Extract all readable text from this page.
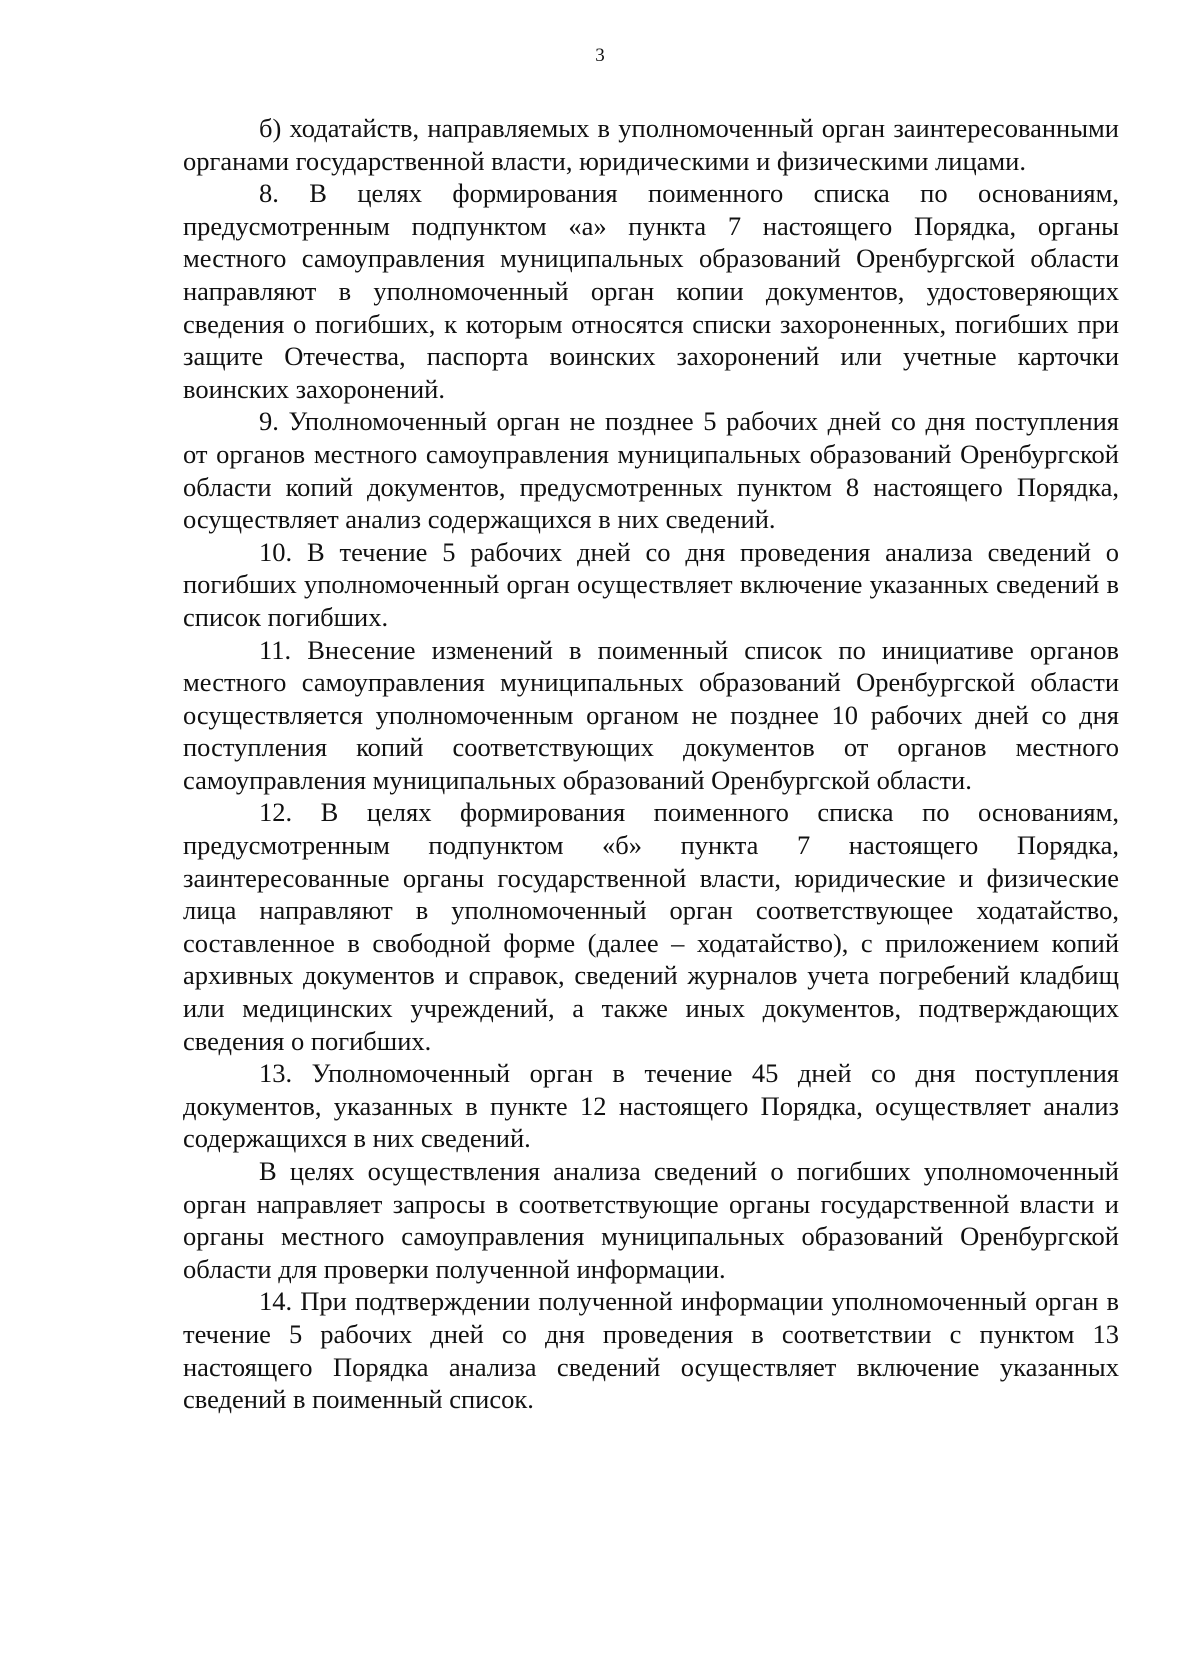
3

б) ходатайств, направляемых в уполномоченный орган заинтересованными органами государственной власти, юридическими и физическими лицами.

8. В целях формирования поименного списка по основаниям, предусмотренным подпунктом «а» пункта 7 настоящего Порядка, органы местного самоуправления муниципальных образований Оренбургской области направляют в уполномоченный орган копии документов, удостоверяющих сведения о погибших, к которым относятся списки захороненных, погибших при защите Отечества, паспорта воинских захоронений или учетные карточки воинских захоронений.

9. Уполномоченный орган не позднее 5 рабочих дней со дня поступления от органов местного самоуправления муниципальных образований Оренбургской области копий документов, предусмотренных пунктом 8 настоящего Порядка, осуществляет анализ содержащихся в них сведений.

10. В течение 5 рабочих дней со дня проведения анализа сведений о погибших уполномоченный орган осуществляет включение указанных сведений в список погибших.

11. Внесение изменений в поименный список по инициативе органов местного самоуправления муниципальных образований Оренбургской области осуществляется уполномоченным органом не позднее 10 рабочих дней со дня поступления копий соответствующих документов от органов местного самоуправления муниципальных образований Оренбургской области.

12. В целях формирования поименного списка по основаниям, предусмотренным подпунктом «б» пункта 7 настоящего Порядка, заинтересованные органы государственной власти, юридические и физические лица направляют в уполномоченный орган соответствующее ходатайство, составленное в свободной форме (далее – ходатайство), с приложением копий архивных документов и справок, сведений журналов учета погребений кладбищ или медицинских учреждений, а также иных документов, подтверждающих сведения о погибших.

13. Уполномоченный орган в течение 45 дней со дня поступления документов, указанных в пункте 12 настоящего Порядка, осуществляет анализ содержащихся в них сведений.

В целях осуществления анализа сведений о погибших уполномоченный орган направляет запросы в соответствующие органы государственной власти и органы местного самоуправления муниципальных образований Оренбургской области для проверки полученной информации.

14. При подтверждении полученной информации уполномоченный орган в течение 5 рабочих дней со дня проведения в соответствии с пунктом 13 настоящего Порядка анализа сведений осуществляет включение указанных сведений в поименный список.
